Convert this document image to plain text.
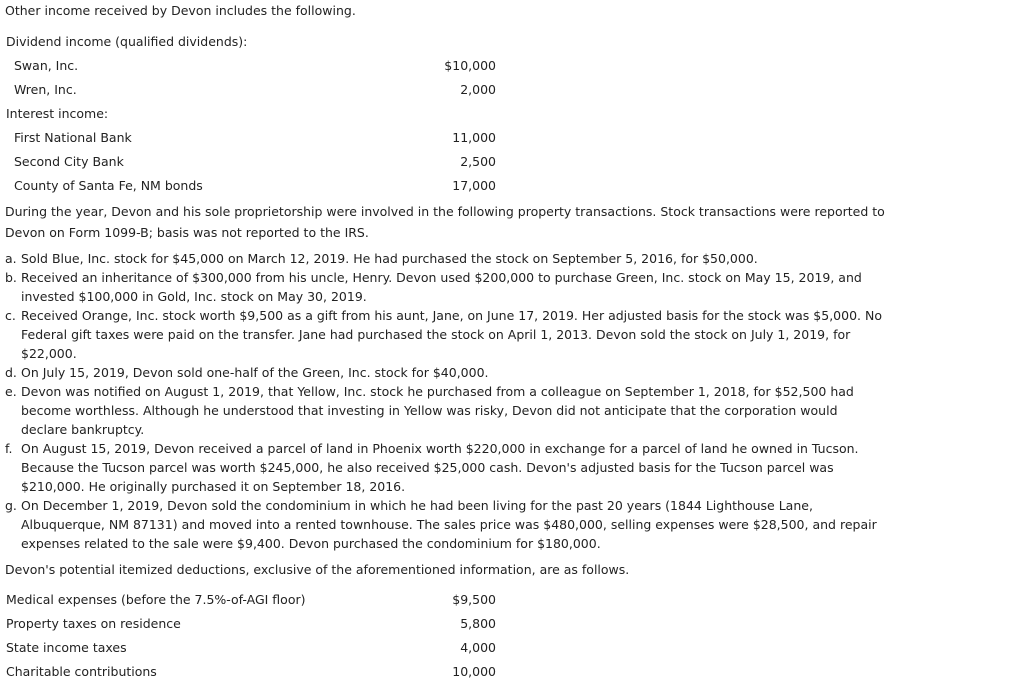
Other income received by Devon includes the following.
Dividend income (qualified dividends):
Swan, Inc.	$10,000
Wren, Inc.	2,000
Interest income:
First National Bank	11,000
Second City Bank	2,500
County of Santa Fe, NM bonds	17,000
During the year, Devon and his sole proprietorship were involved in the following property transactions. Stock transactions were reported to Devon on Form 1099-B; basis was not reported to the IRS.
a. Sold Blue, Inc. stock for $45,000 on March 12, 2019. He had purchased the stock on September 5, 2016, for $50,000.
b. Received an inheritance of $300,000 from his uncle, Henry. Devon used $200,000 to purchase Green, Inc. stock on May 15, 2019, and invested $100,000 in Gold, Inc. stock on May 30, 2019.
c. Received Orange, Inc. stock worth $9,500 as a gift from his aunt, Jane, on June 17, 2019. Her adjusted basis for the stock was $5,000. No Federal gift taxes were paid on the transfer. Jane had purchased the stock on April 1, 2013. Devon sold the stock on July 1, 2019, for $22,000.
d. On July 15, 2019, Devon sold one-half of the Green, Inc. stock for $40,000.
e. Devon was notified on August 1, 2019, that Yellow, Inc. stock he purchased from a colleague on September 1, 2018, for $52,500 had become worthless. Although he understood that investing in Yellow was risky, Devon did not anticipate that the corporation would declare bankruptcy.
f. On August 15, 2019, Devon received a parcel of land in Phoenix worth $220,000 in exchange for a parcel of land he owned in Tucson. Because the Tucson parcel was worth $245,000, he also received $25,000 cash. Devon's adjusted basis for the Tucson parcel was $210,000. He originally purchased it on September 18, 2016.
g. On December 1, 2019, Devon sold the condominium in which he had been living for the past 20 years (1844 Lighthouse Lane, Albuquerque, NM 87131) and moved into a rented townhouse. The sales price was $480,000, selling expenses were $28,500, and repair expenses related to the sale were $9,400. Devon purchased the condominium for $180,000.
Devon's potential itemized deductions, exclusive of the aforementioned information, are as follows.
Medical expenses (before the 7.5%-of-AGI floor)	$9,500
Property taxes on residence	5,800
State income taxes	4,000
Charitable contributions	10,000
